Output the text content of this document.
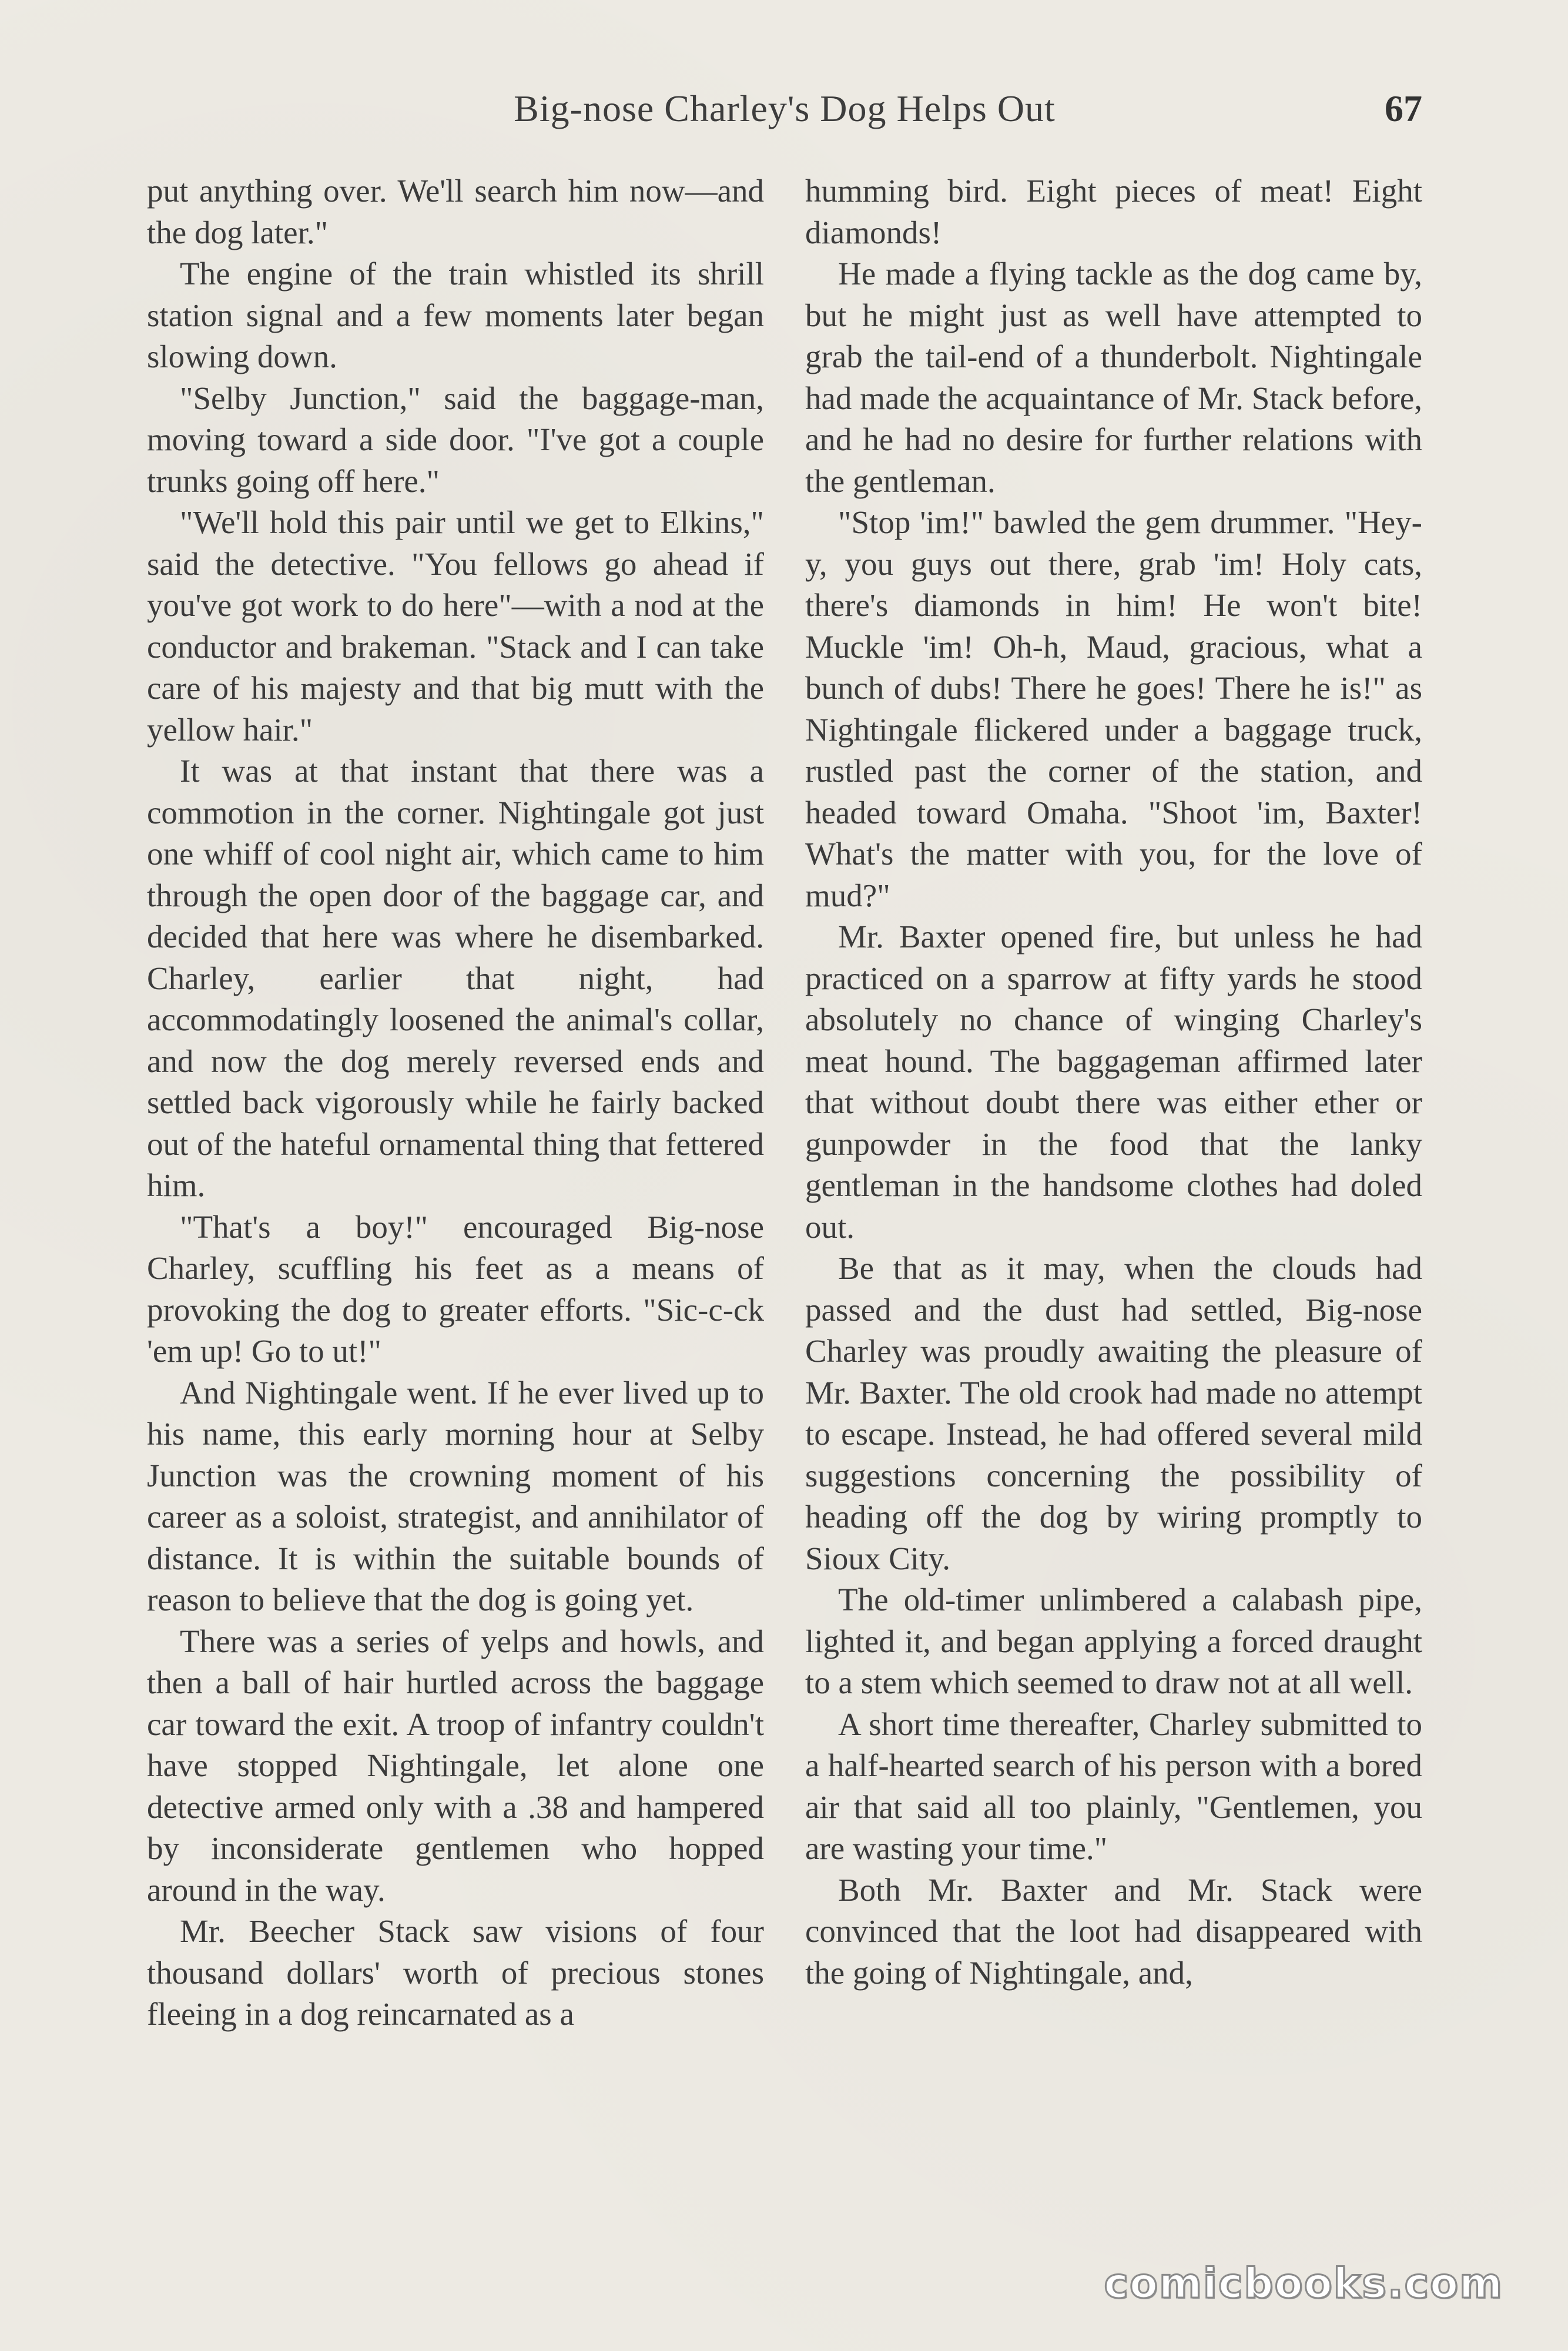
Big-nose Charley's Dog Helps Out	67

put anything over. We'll search him now—and the dog later."

The engine of the train whistled its shrill station signal and a few moments later began slowing down.

"Selby Junction," said the baggage-man, moving toward a side door. "I've got a couple trunks going off here."

"We'll hold this pair until we get to Elkins," said the detective. "You fellows go ahead if you've got work to do here"—with a nod at the conductor and brakeman. "Stack and I can take care of his majesty and that big mutt with the yellow hair."

It was at that instant that there was a commotion in the corner. Nightingale got just one whiff of cool night air, which came to him through the open door of the baggage car, and decided that here was where he disembarked. Charley, earlier that night, had accommodatingly loosened the animal's collar, and now the dog merely reversed ends and settled back vigorously while he fairly backed out of the hateful ornamental thing that fettered him.

"That's a boy!" encouraged Big-nose Charley, scuffling his feet as a means of provoking the dog to greater efforts. "Sic-c-ck 'em up! Go to ut!"

And Nightingale went. If he ever lived up to his name, this early morning hour at Selby Junction was the crowning moment of his career as a soloist, strategist, and annihilator of distance. It is within the suitable bounds of reason to believe that the dog is going yet.

There was a series of yelps and howls, and then a ball of hair hurtled across the baggage car toward the exit. A troop of infantry couldn't have stopped Nightingale, let alone one detective armed only with a .38 and hampered by inconsiderate gentlemen who hopped around in the way.

Mr. Beecher Stack saw visions of four thousand dollars' worth of precious stones fleeing in a dog reincarnated as a

humming bird. Eight pieces of meat! Eight diamonds!

He made a flying tackle as the dog came by, but he might just as well have attempted to grab the tail-end of a thunderbolt. Nightingale had made the acquaintance of Mr. Stack before, and he had no desire for further relations with the gentleman.

"Stop 'im!" bawled the gem drummer. "Hey-y, you guys out there, grab 'im! Holy cats, there's diamonds in him! He won't bite! Muckle 'im! Oh-h, Maud, gracious, what a bunch of dubs! There he goes! There he is!" as Nightingale flickered under a baggage truck, rustled past the corner of the station, and headed toward Omaha. "Shoot 'im, Baxter! What's the matter with you, for the love of mud?"

Mr. Baxter opened fire, but unless he had practiced on a sparrow at fifty yards he stood absolutely no chance of winging Charley's meat hound. The baggageman affirmed later that without doubt there was either ether or gunpowder in the food that the lanky gentleman in the handsome clothes had doled out.

Be that as it may, when the clouds had passed and the dust had settled, Big-nose Charley was proudly awaiting the pleasure of Mr. Baxter. The old crook had made no attempt to escape. Instead, he had offered several mild suggestions concerning the possibility of heading off the dog by wiring promptly to Sioux City.

The old-timer unlimbered a calabash pipe, lighted it, and began applying a forced draught to a stem which seemed to draw not at all well.

A short time thereafter, Charley submitted to a half-hearted search of his person with a bored air that said all too plainly, "Gentlemen, you are wasting your time."

Both Mr. Baxter and Mr. Stack were convinced that the loot had disappeared with the going of Nightingale, and,

comicbooks.com
